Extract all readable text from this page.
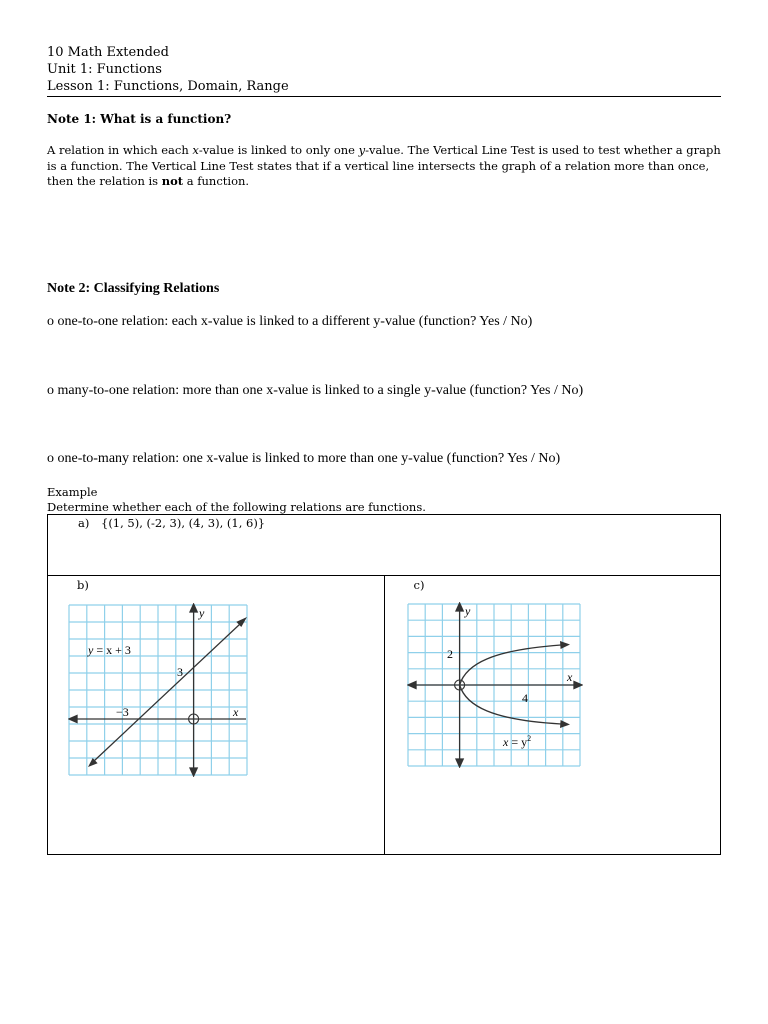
10 Math Extended
Unit 1: Functions
Lesson 1: Functions, Domain, Range
Note 1: What is a function?
A relation in which each x-value is linked to only one y-value. The Vertical Line Test is used to test whether a graph is a function. The Vertical Line Test states that if a vertical line intersects the graph of a relation more than once, then the relation is not a function.
Note 2: Classifying Relations
o one-to-one relation: each x-value is linked to a different y-value (function? Yes / No)
o many-to-one relation: more than one x-value is linked to a single y-value (function? Yes / No)
o one-to-many relation: one x-value is linked to more than one y-value (function? Yes / No)
Example
Determine whether each of the following relations are functions.
a) {(1, 5), (-2, 3), (4, 3), (1, 6)}

b)
y = x + 3
3
−3	x
y

c)
2
4
$x = y^2$
x
y
